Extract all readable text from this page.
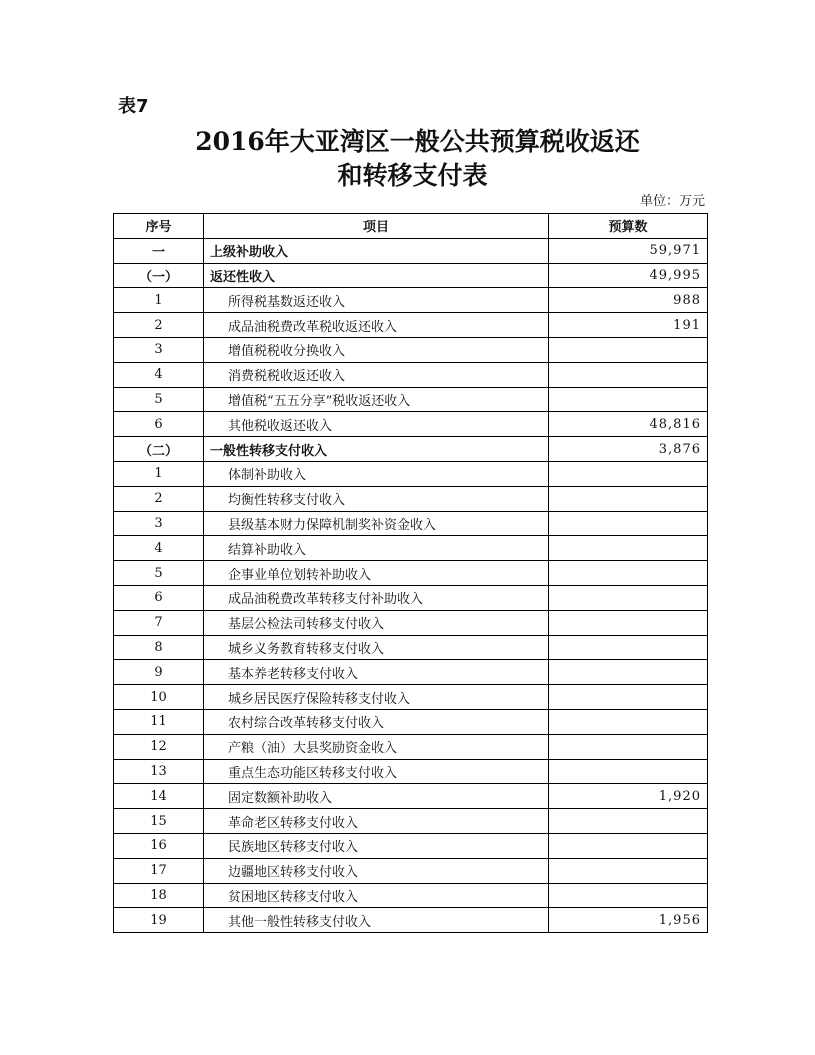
表7
2016年大亚湾区一般公共预算税收返还
和转移支付表
单位：万元
序号	项目	预算数
一	上级补助收入	59,971
（一）	返还性收入	49,995
1	所得税基数返还收入	988
2	成品油税费改革税收返还收入	191
3	增值税税收分换收入	
4	消费税税收返还收入	
5	增值税“五五分享”税收返还收入	
6	其他税收返还收入	48,816
（二）	一般性转移支付收入	3,876
1	体制补助收入	
2	均衡性转移支付收入	
3	县级基本财力保障机制奖补资金收入	
4	结算补助收入	
5	企事业单位划转补助收入	
6	成品油税费改革转移支付补助收入	
7	基层公检法司转移支付收入	
8	城乡义务教育转移支付收入	
9	基本养老转移支付收入	
10	城乡居民医疗保险转移支付收入	
11	农村综合改革转移支付收入	
12	产粮（油）大县奖励资金收入	
13	重点生态功能区转移支付收入	
14	固定数额补助收入	1,920
15	革命老区转移支付收入	
16	民族地区转移支付收入	
17	边疆地区转移支付收入	
18	贫困地区转移支付收入	
19	其他一般性转移支付收入	1,956
